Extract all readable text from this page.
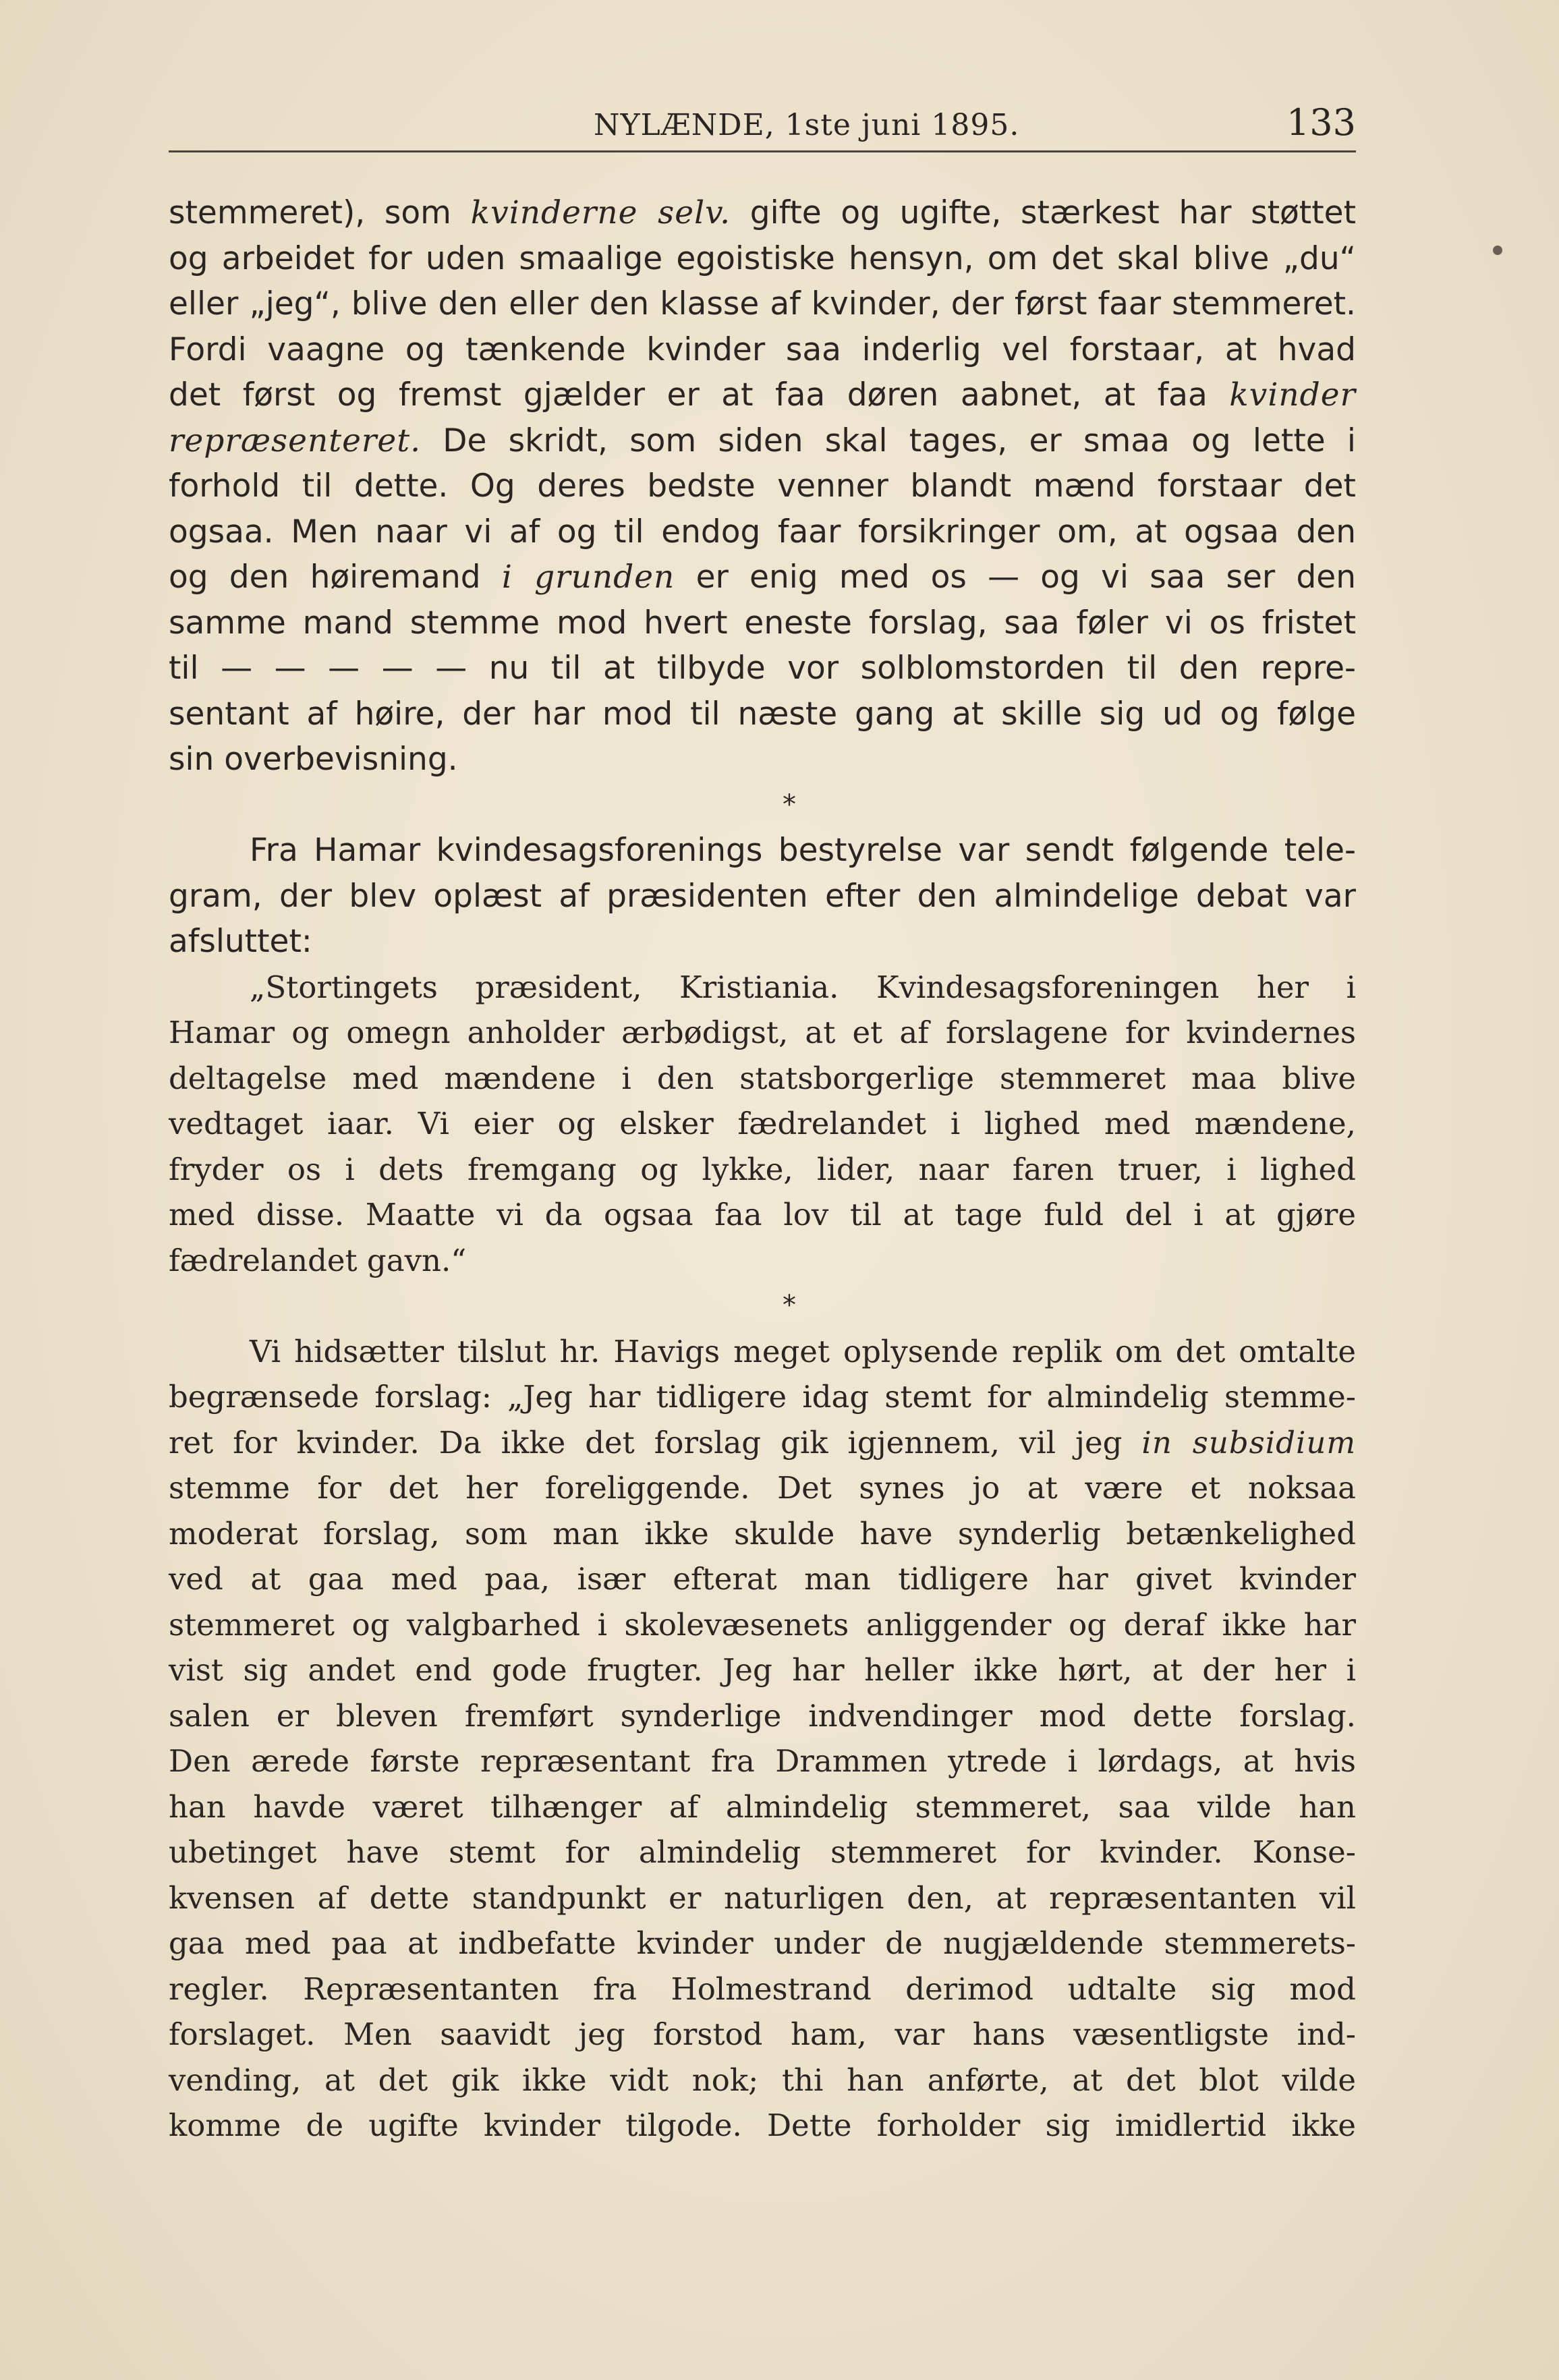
NYLÆNDE, 1ste juni 1895.	133
stemmeret), som kvinderne selv. gifte og ugifte, stærkest har støttet
og arbeidet for uden smaalige egoistiske hensyn, om det skal blive „du“
eller „jeg“, blive den eller den klasse af kvinder, der først faar stemmeret.
Fordi vaagne og tænkende kvinder saa inderlig vel forstaar, at hvad
det først og fremst gjælder er at faa døren aabnet, at faa kvinder
repræsenteret. De skridt, som siden skal tages, er smaa og lette i
forhold til dette. Og deres bedste venner blandt mænd forstaar det
ogsaa. Men naar vi af og til endog faar forsikringer om, at ogsaa den
og den høiremand i grunden er enig med os — og vi saa ser den
samme mand stemme mod hvert eneste forslag, saa føler vi os fristet
til — — — — — nu til at tilbyde vor solblomstorden til den repre-
sentant af høire, der har mod til næste gang at skille sig ud og følge
sin overbevisning.
*
Fra Hamar kvindesagsforenings bestyrelse var sendt følgende tele-
gram, der blev oplæst af præsidenten efter den almindelige debat var
afsluttet:
„Stortingets præsident, Kristiania. Kvindesagsforeningen her i
Hamar og omegn anholder ærbødigst, at et af forslagene for kvindernes
deltagelse med mændene i den statsborgerlige stemmeret maa blive
vedtaget iaar. Vi eier og elsker fædrelandet i lighed med mændene,
fryder os i dets fremgang og lykke, lider, naar faren truer, i lighed
med disse. Maatte vi da ogsaa faa lov til at tage fuld del i at gjøre
fædrelandet gavn.“
*
Vi hidsætter tilslut hr. Havigs meget oplysende replik om det omtalte
begrænsede forslag: „Jeg har tidligere idag stemt for almindelig stemme-
ret for kvinder. Da ikke det forslag gik igjennem, vil jeg in subsidium
stemme for det her foreliggende. Det synes jo at være et noksaa
moderat forslag, som man ikke skulde have synderlig betænkelighed
ved at gaa med paa, især efterat man tidligere har givet kvinder
stemmeret og valgbarhed i skolevæsenets anliggender og deraf ikke har
vist sig andet end gode frugter. Jeg har heller ikke hørt, at der her i
salen er bleven fremført synderlige indvendinger mod dette forslag.
Den ærede første repræsentant fra Drammen ytrede i lørdags, at hvis
han havde været tilhænger af almindelig stemmeret, saa vilde han
ubetinget have stemt for almindelig stemmeret for kvinder. Konse-
kvensen af dette standpunkt er naturligen den, at repræsentanten vil
gaa med paa at indbefatte kvinder under de nugjældende stemmerets-
regler. Repræsentanten fra Holmestrand derimod udtalte sig mod
forslaget. Men saavidt jeg forstod ham, var hans væsentligste ind-
vending, at det gik ikke vidt nok; thi han anførte, at det blot vilde
komme de ugifte kvinder tilgode. Dette forholder sig imidlertid ikke
